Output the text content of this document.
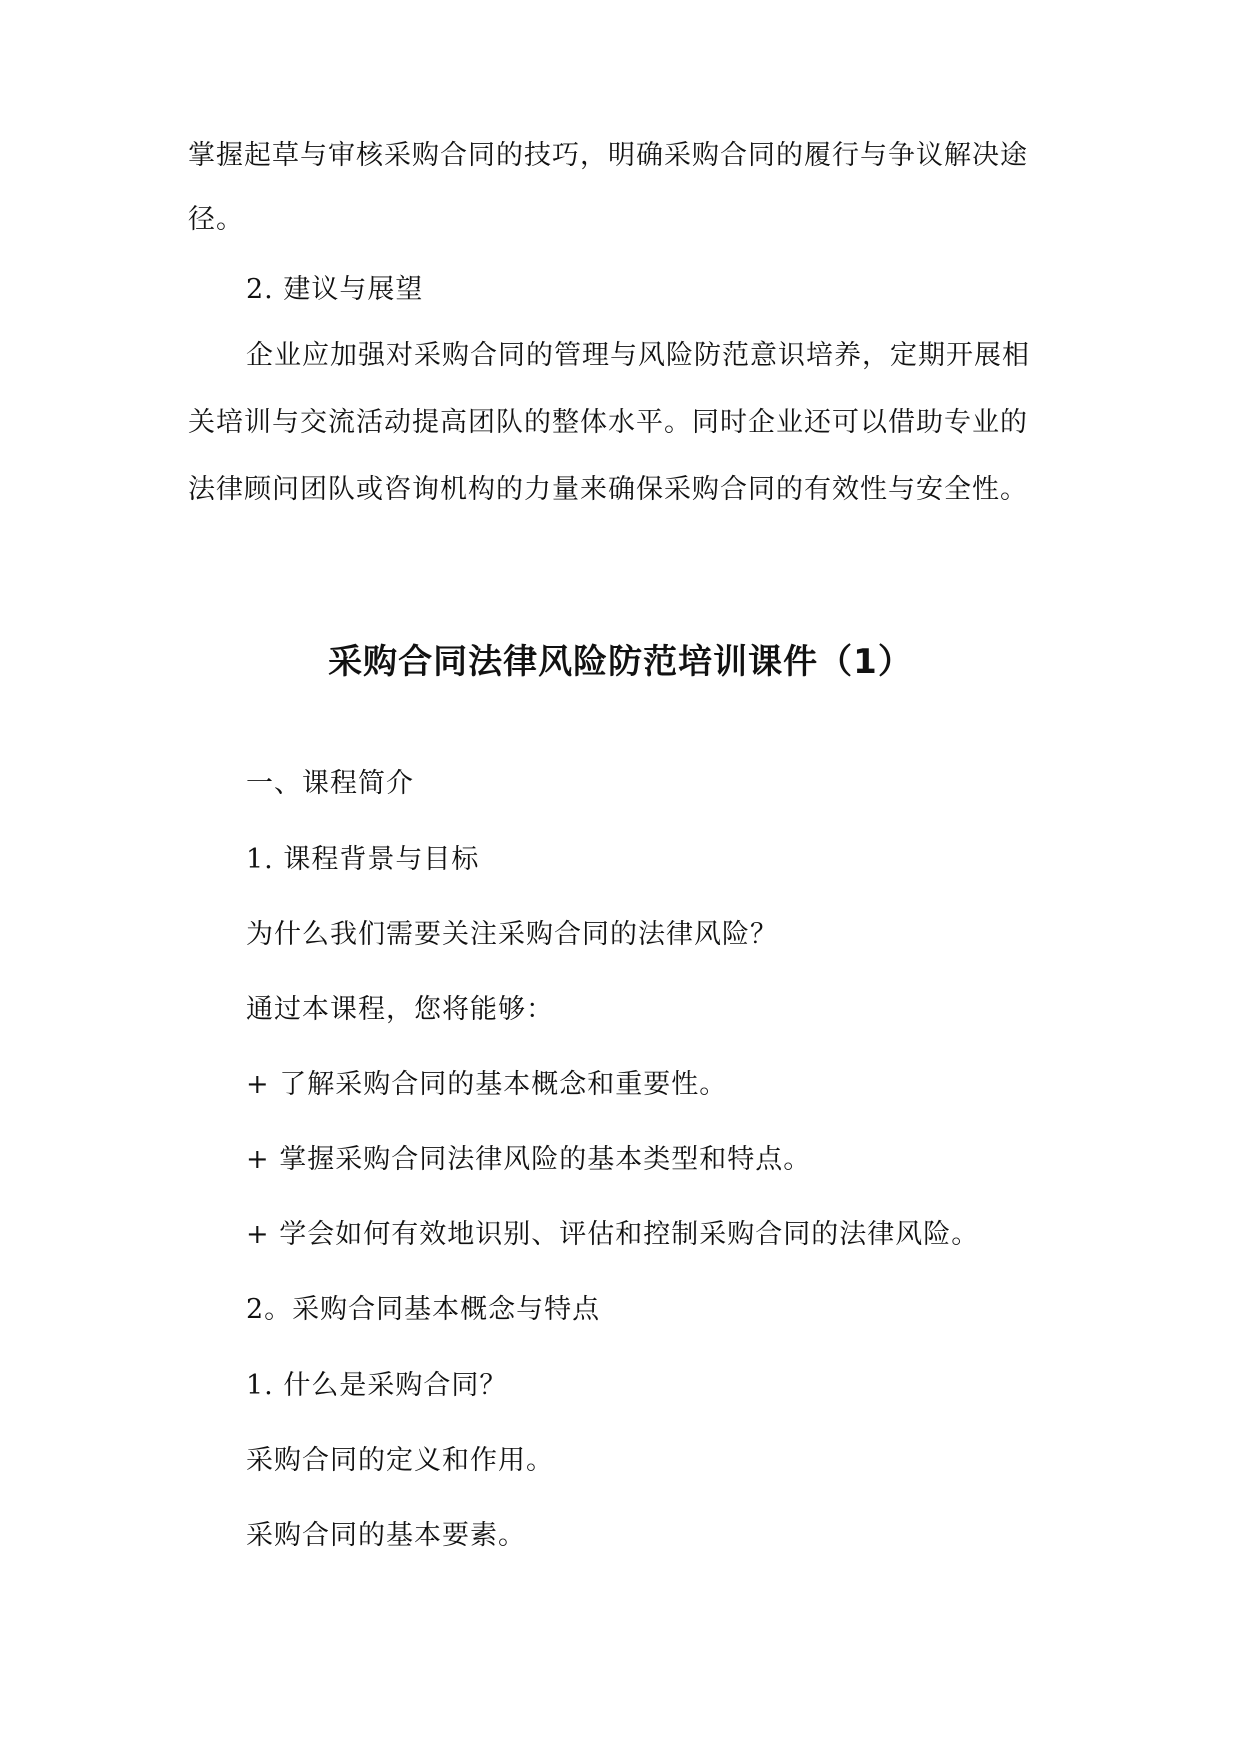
掌握起草与审核采购合同的技巧，明确采购合同的履行与争议解决途
径。
2. 建议与展望
企业应加强对采购合同的管理与风险防范意识培养，定期开展相
关培训与交流活动提高团队的整体水平。同时企业还可以借助专业的
法律顾问团队或咨询机构的力量来确保采购合同的有效性与安全性。
采购合同法律风险防范培训课件（1）
一、课程简介
1. 课程背景与目标
为什么我们需要关注采购合同的法律风险？
通过本课程，您将能够：
+ 了解采购合同的基本概念和重要性。
+ 掌握采购合同法律风险的基本类型和特点。
+ 学会如何有效地识别、评估和控制采购合同的法律风险。
2。采购合同基本概念与特点
1. 什么是采购合同？
采购合同的定义和作用。
采购合同的基本要素。
